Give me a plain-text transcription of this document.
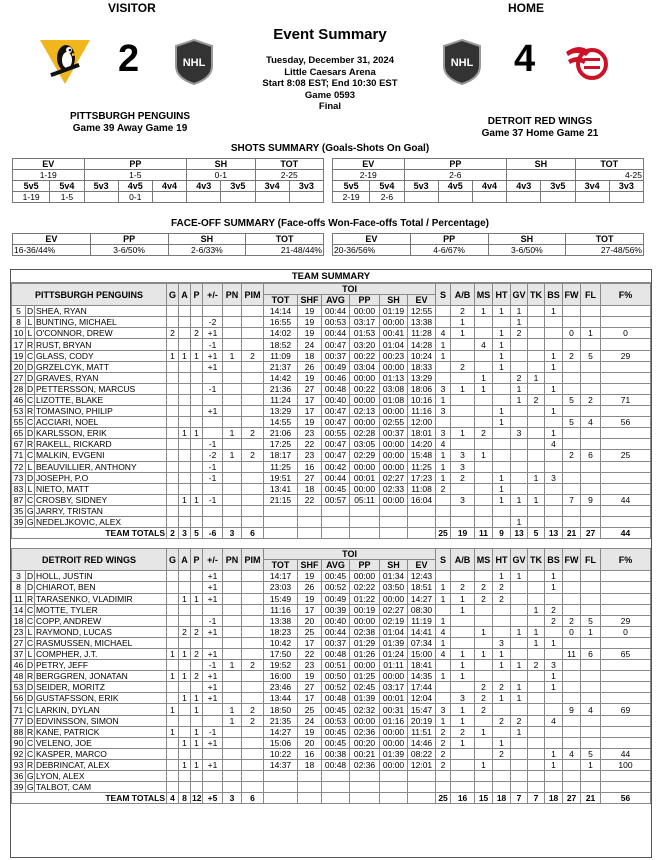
VISITOR	HOME
2	NHL
Event Summary
Tuesday, December 31, 2024
Little Caesars Arena
Start 8:08 EST; End 10:30 EST
Game 0593
Final
NHL 4
PITTSBURGH PENGUINS
Game 39 Away Game 19
DETROIT RED WINGS
Game 37 Home Game 21
SHOTS SUMMARY (Goals-Shots On Goal)
EV		PP			SH		TOT	
1-19		1-5			0-1		2-25	
5v5	5v4	5v3	4v5	4v4	4v3	3v5	3v4	3v3
1-19	1-5		0-1					
EV		PP			SH		TOT	
2-19		2-6					4-25	
5v5	5v4	5v3	4v5	4v4	4v3	3v5	3v4	3v3
2-19	2-6							
FACE-OFF SUMMARY (Face-offs Won-Face-offs Total / Percentage)
EV	PP	SH	TOT
16-36/44%	3-6/50%	2-6/33%	21-48/44%
EV	PP	SH	TOT
20-36/56%	4-6/67%	3-6/50%	27-48/56%
TEAM SUMMARY
PITTSBURGH PENGUINS			G	A	P	+/-	PN	PIM	TOI						S	A/B	MS	HT	GV	TK	BS	FW	FL	F%
									TOT	SHF	AVG	PP	SH	EV										
5	D	SHEA, RYAN							14:14	19	00:44	00:00	01:19	12:55		2	1	1	1		1			
8	L	BUNTING, MICHAEL				-2			16:55	19	00:53	03:17	00:00	13:38		1			1					
10	L	O'CONNOR, DREW	2		2	+1			14:02	19	00:44	01:53	00:41	11:28	4	1		1	2			0	1	0
17	R	RUST, BRYAN				-1			18:52	24	00:47	03:20	01:04	14:28	1		4	1						
19	C	GLASS, CODY	1	1	1	+1	1	2	11:09	18	00:37	00:22	00:23	10:24	1			1			1	2	5	29
20	D	GRZELCYK, MATT				+1			21:37	26	00:49	03:04	00:00	18:33		2		1			1			
27	D	GRAVES, RYAN							14:42	19	00:46	00:00	01:13	13:29			1		2	1				
28	D	PETTERSSON, MARCUS				-1			21:36	27	00:48	00:22	03:08	18:06	3	1	1		1		1			
46	C	LIZOTTE, BLAKE							11:24	17	00:40	00:00	01:08	10:16	1				1	2		5	2	71
53	R	TOMASINO, PHILIP				+1			13:29	17	00:47	02:13	00:00	11:16	3			1			1			
55	C	ACCIARI, NOEL							14:55	19	00:47	00:00	02:55	12:00				1				5	4	56
65	D	KARLSSON, ERIK		1	1		1	2	21:06	23	00:55	02:28	00:37	18:01	3	1	2		3		1			
67	R	RAKELL, RICKARD				-1			17:25	22	00:47	03:05	00:00	14:20	4						4			
71	C	MALKIN, EVGENI				-2	1	2	18:17	23	00:47	02:29	00:00	15:48	1	3	1					2	6	25
72	L	BEAUVILLIER, ANTHONY				-1			11:25	16	00:42	00:00	00:00	11:25	1	3								
73	D	JOSEPH, P.O				-1			19:51	27	00:44	00:01	02:27	17:23	1	2		1		1	3			
83	L	NIETO, MATT							13:41	18	00:45	00:00	02:33	11:08	2			1						
87	C	CROSBY, SIDNEY		1	1	-1			21:15	22	00:57	05:11	00:00	16:04		3		1	1	1		7	9	44
35	G	JARRY, TRISTAN																						
39	G	NEDELJKOVIC, ALEX																	1					
TEAM TOTALS			2	3	5	-6	3	6							25	19	11	9	13	5	13	21	27	44
DETROIT RED WINGS			G	A	P	+/-	PN	PIM	TOI						S	A/B	MS	HT	GV	TK	BS	FW	FL	F%
									TOT	SHF	AVG	PP	SH	EV										
3	D	HOLL, JUSTIN				+1			14:17	19	00:45	00:00	01:34	12:43				1	1		1			
8	D	CHIAROT, BEN				+1			23:03	26	00:52	02:22	03:50	18:51	1	2	2	2			1			
11	R	TARASENKO, VLADIMIR		1	1	+1			15:49	19	00:49	01:22	00:00	14:27	1	1	2	2						
14	C	MOTTE, TYLER							11:16	17	00:39	00:19	02:27	08:30		1				1	2			
18	C	COPP, ANDREW				-1			13:38	20	00:40	00:00	02:19	11:19	1						2	2	5	29
23	L	RAYMOND, LUCAS		2	2	+1			18:23	25	00:44	02:38	01:04	14:41	4		1		1	1		0	1	0
27	C	RASMUSSEN, MICHAEL							10:42	17	00:37	01:29	01:39	07:34	1			3		1	1			
37	L	COMPHER, J.T.	1	1	2	+1			17:50	22	00:48	01:26	01:24	15:00	4	1	1	1				11	6	65
46	D	PETRY, JEFF				-1	1	2	19:52	23	00:51	00:00	01:11	18:41		1		1	1	2	3			
48	R	BERGGREN, JONATAN	1	1	2	+1			16:00	19	00:50	01:25	00:00	14:35	1	1					1			
53	D	SEIDER, MORITZ				+1			23:46	27	00:52	02:45	03:17	17:44			2	2	1		1			
56	D	GUSTAFSSON, ERIK		1	1	+1			13:44	17	00:48	01:39	00:01	12:04		3	2	1	1					
71	C	LARKIN, DYLAN	1		1		1	2	18:50	25	00:45	02:32	00:31	15:47	3	1	2					9	4	69
77	D	EDVINSSON, SIMON					1	2	21:35	24	00:53	00:00	01:16	20:19	1	1		2	2		4			
88	R	KANE, PATRICK	1		1	-1			14:27	19	00:45	02:36	00:00	11:51	2	2	1		1					
90	C	VELENO, JOE		1	1	+1			15:06	20	00:45	00:20	00:00	14:46	2	1		1						
92	C	KASPER, MARCO							10:22	16	00:38	00:21	01:39	08:22	2			2			1	4	5	44
93	R	DEBRINCAT, ALEX		1	1	+1			14:37	18	00:48	02:36	00:00	12:01	2		1				1		1	100
36	G	LYON, ALEX																						
39	G	TALBOT, CAM																						
TEAM TOTALS			4	8	12	+5	3	6							25	16	15	18	7	7	18	27	21	56
